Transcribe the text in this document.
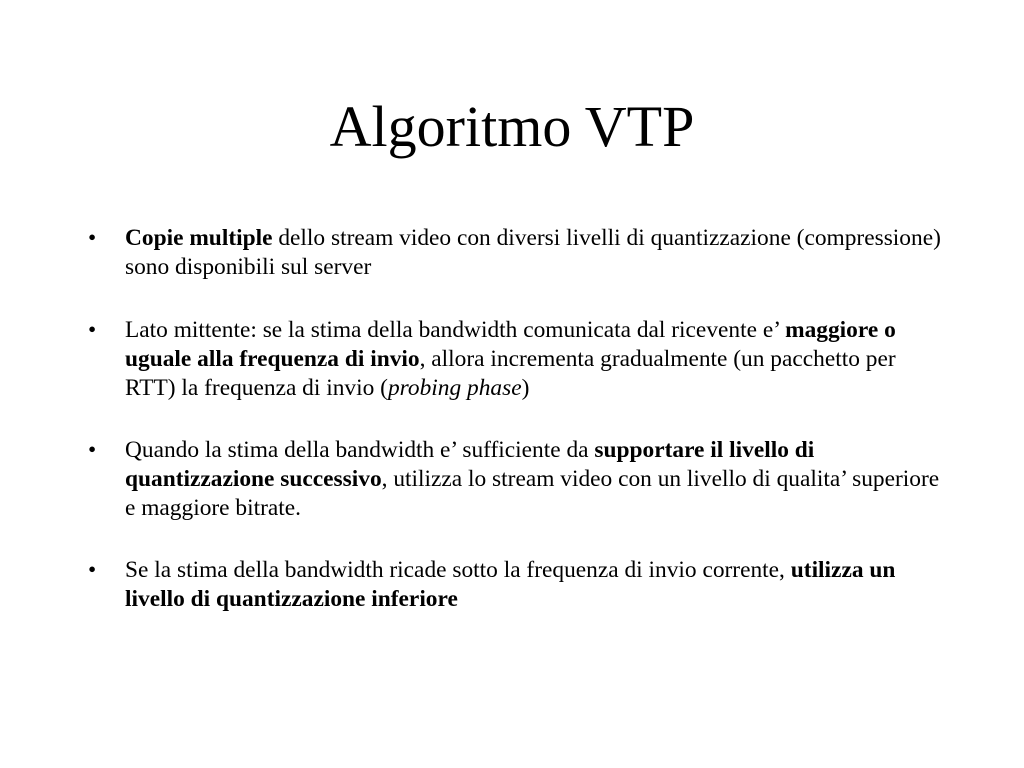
Algoritmo VTP
•	Copie multiple dello stream video con diversi livelli di quantizzazione (compressione) sono disponibili sul server
•	Lato mittente: se la stima della bandwidth comunicata dal ricevente e’ maggiore o uguale alla frequenza di invio, allora incrementa gradualmente (un pacchetto per RTT) la frequenza di invio (probing phase)
•	Quando la stima della bandwidth e’ sufficiente da supportare il livello di quantizzazione successivo, utilizza lo stream video con un livello di qualita’ superiore e maggiore bitrate.
•	Se la stima della bandwidth ricade sotto la frequenza di invio corrente, utilizza un livello di quantizzazione inferiore
